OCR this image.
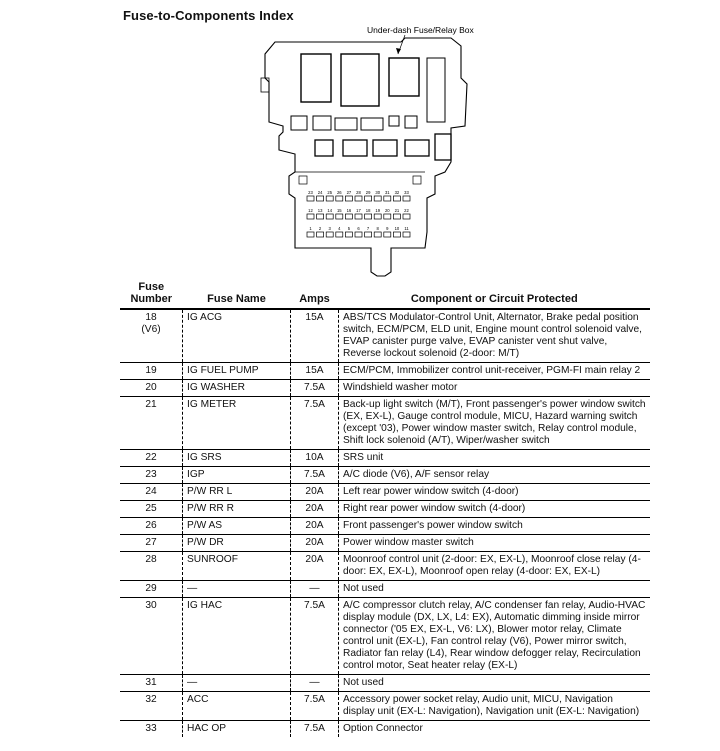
Fuse-to-Components Index
Under-dash Fuse/Relay Box
23 24 25 26 27 28 29 30 31 32 33
12 13 14 15 16 17 18 19 20 21 22
1 2 3 4 5 6 7 8 9 10 11
Fuse
Number	Fuse Name	Amps	Component or Circuit Protected
18
(V6)	IG ACG	15A	ABS/TCS Modulator-Control Unit, Alternator, Brake pedal position switch, ECM/PCM, ELD unit, Engine mount control solenoid valve, EVAP canister purge valve, EVAP canister vent shut valve, Reverse lockout solenoid (2-door: M/T)
19	IG FUEL PUMP	15A	ECM/PCM, Immobilizer control unit-receiver, PGM-FI main relay 2
20	IG WASHER	7.5A	Windshield washer motor
21	IG METER	7.5A	Back-up light switch (M/T), Front passenger's power window switch (EX, EX-L), Gauge control module, MICU, Hazard warning switch (except '03), Power window master switch, Relay control module, Shift lock solenoid (A/T), Wiper/washer switch
22	IG SRS	10A	SRS unit
23	IGP	7.5A	A/C diode (V6), A/F sensor relay
24	P/W RR L	20A	Left rear power window switch (4-door)
25	P/W RR R	20A	Right rear power window switch (4-door)
26	P/W AS	20A	Front passenger's power window switch
27	P/W DR	20A	Power window master switch
28	SUNROOF	20A	Moonroof control unit (2-door: EX, EX-L), Moonroof close relay (4-door: EX, EX-L), Moonroof open relay (4-door: EX, EX-L)
29	—	—	Not used
30	IG HAC	7.5A	A/C compressor clutch relay, A/C condenser fan relay, Audio-HVAC display module (DX, LX, L4: EX), Automatic dimming inside mirror connector ('05 EX, EX-L, V6: LX), Blower motor relay, Climate control unit (EX-L), Fan control relay (V6), Power mirror switch, Radiator fan relay (L4), Rear window defogger relay, Recirculation control motor, Seat heater relay (EX-L)
31	—	—	Not used
32	ACC	7.5A	Accessory power socket relay, Audio unit, MICU, Navigation display unit (EX-L: Navigation), Navigation unit (EX-L: Navigation)
33	HAC OP	7.5A	Option Connector
